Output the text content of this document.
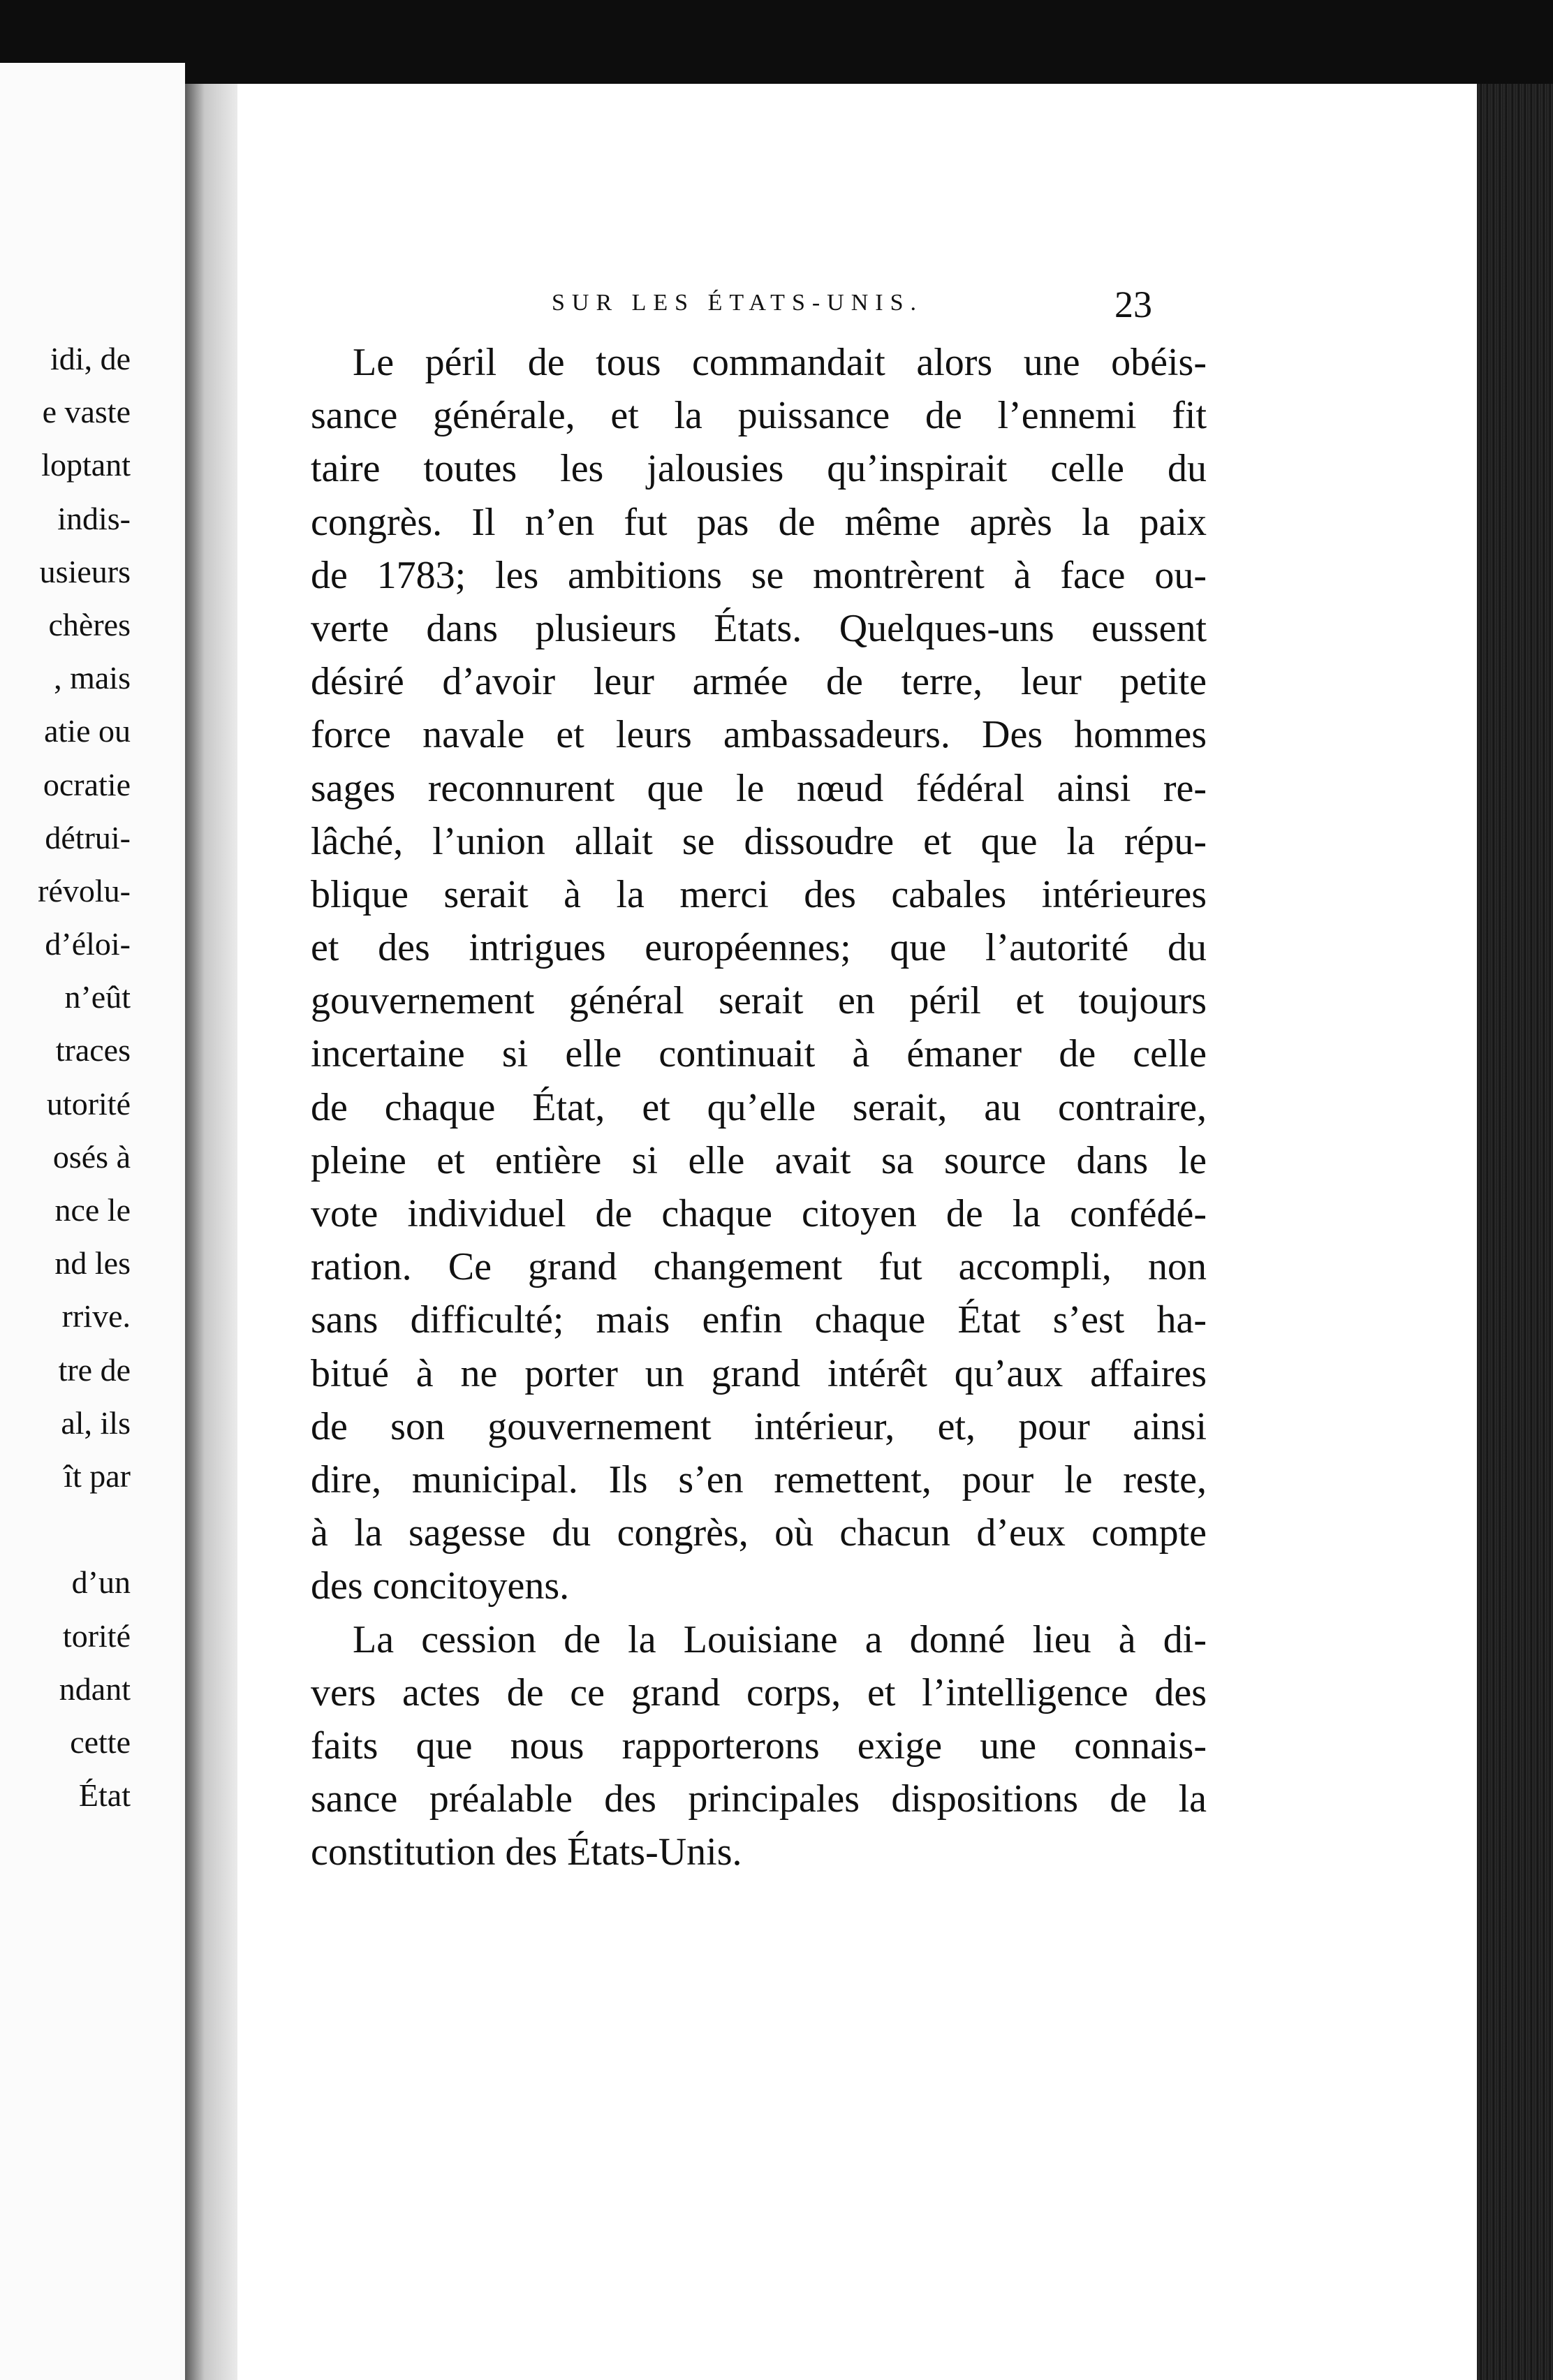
idi, de
e vaste
loptant
indis-
usieurs
chères
, mais
atie ou
ocratie
détrui-
révolu-
d’éloi-
n’eût
traces
utorité
osés à
nce le
nd les
rrive.
tre de
al, ils
ît par
d’un
torité
ndant
cette
État
SUR LES ÉTATS-UNIS.	23
Le péril de tous commandait alors une obéis-
sance générale, et la puissance de l’ennemi fit
taire toutes les jalousies qu’inspirait celle du
congrès. Il n’en fut pas de même après la paix
de 1783; les ambitions se montrèrent à face ou-
verte dans plusieurs États. Quelques-uns eussent
désiré d’avoir leur armée de terre, leur petite
force navale et leurs ambassadeurs. Des hommes
sages reconnurent que le nœud fédéral ainsi re-
lâché, l’union allait se dissoudre et que la répu-
blique serait à la merci des cabales intérieures
et des intrigues européennes; que l’autorité du
gouvernement général serait en péril et toujours
incertaine si elle continuait à émaner de celle
de chaque État, et qu’elle serait, au contraire,
pleine et entière si elle avait sa source dans le
vote individuel de chaque citoyen de la confédé-
ration. Ce grand changement fut accompli, non
sans difficulté; mais enfin chaque État s’est ha-
bitué à ne porter un grand intérêt qu’aux affaires
de son gouvernement intérieur, et, pour ainsi
dire, municipal. Ils s’en remettent, pour le reste,
à la sagesse du congrès, où chacun d’eux compte
des concitoyens.
La cession de la Louisiane a donné lieu à di-
vers actes de ce grand corps, et l’intelligence des
faits que nous rapporterons exige une connais-
sance préalable des principales dispositions de la
constitution des États-Unis.
